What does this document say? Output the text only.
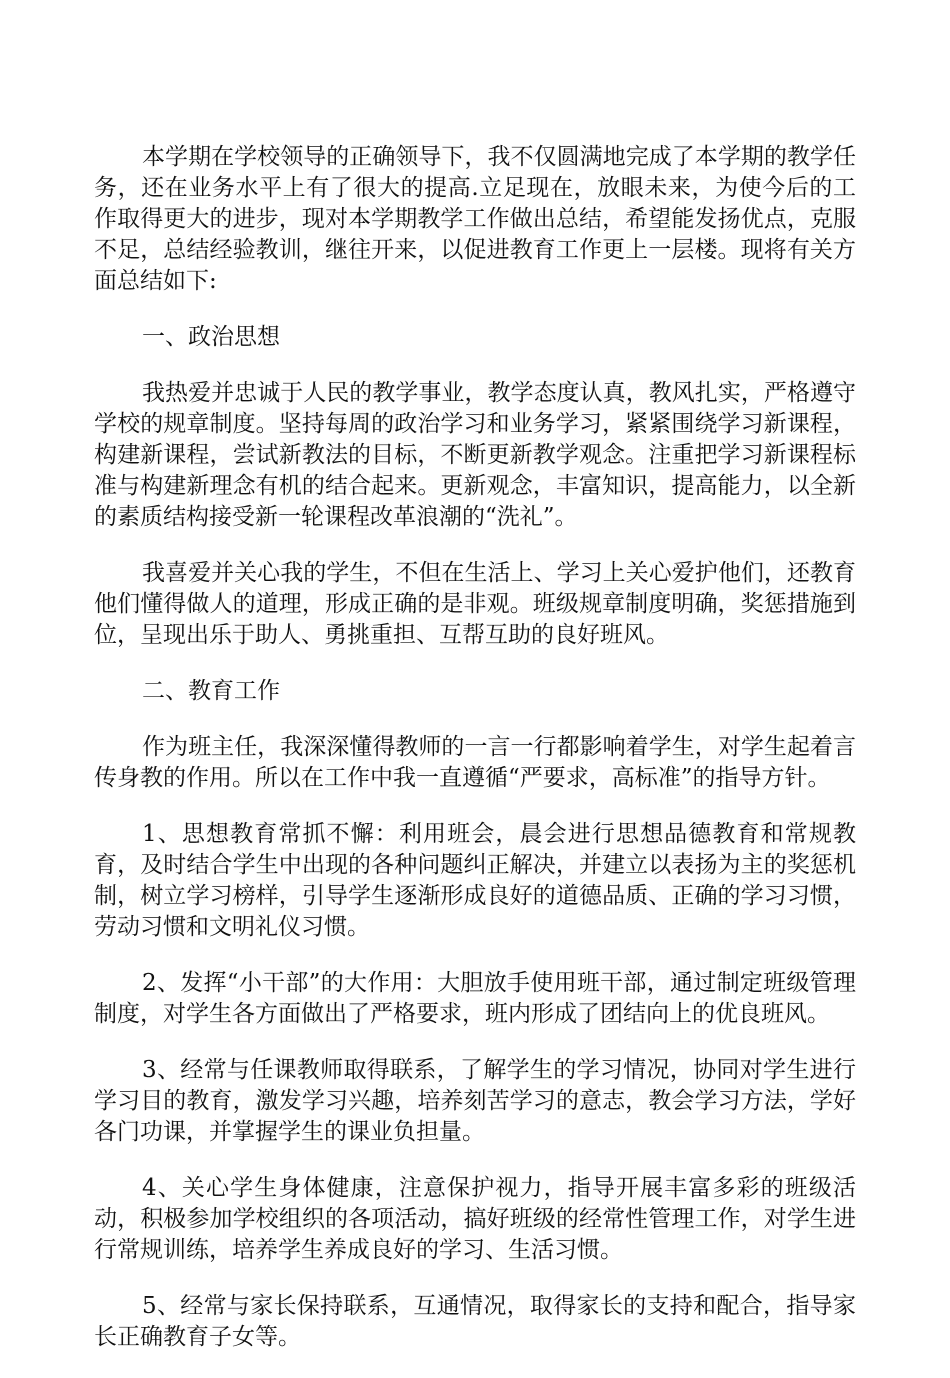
本学期在学校领导的正确领导下，我不仅圆满地完成了本学期的教学任务，还在业务水平上有了很大的提高.立足现在，放眼未来，为使今后的工作取得更大的进步，现对本学期教学工作做出总结，希望能发扬优点，克服不足，总结经验教训，继往开来，以促进教育工作更上一层楼。现将有关方面总结如下:

一、政治思想

我热爱并忠诚于人民的教学事业，教学态度认真，教风扎实，严格遵守学校的规章制度。坚持每周的政治学习和业务学习，紧紧围绕学习新课程，构建新课程，尝试新教法的目标，不断更新教学观念。注重把学习新课程标准与构建新理念有机的结合起来。更新观念，丰富知识，提高能力，以全新的素质结构接受新一轮课程改革浪潮的“洗礼”。

我喜爱并关心我的学生，不但在生活上、学习上关心爱护他们，还教育他们懂得做人的道理，形成正确的是非观。班级规章制度明确，奖惩措施到位，呈现出乐于助人、勇挑重担、互帮互助的良好班风。

二、教育工作

作为班主任，我深深懂得教师的一言一行都影响着学生，对学生起着言传身教的作用。所以在工作中我一直遵循“严要求，高标准”的指导方针。

1、思想教育常抓不懈：利用班会，晨会进行思想品德教育和常规教育，及时结合学生中出现的各种问题纠正解决，并建立以表扬为主的奖惩机制，树立学习榜样，引导学生逐渐形成良好的道德品质、正确的学习习惯，劳动习惯和文明礼仪习惯。

2、发挥“小干部”的大作用：大胆放手使用班干部，通过制定班级管理制度，对学生各方面做出了严格要求，班内形成了团结向上的优良班风。

3、经常与任课教师取得联系，了解学生的学习情况，协同对学生进行学习目的教育，激发学习兴趣，培养刻苦学习的意志，教会学习方法，学好各门功课，并掌握学生的课业负担量。

4、关心学生身体健康，注意保护视力，指导开展丰富多彩的班级活动，积极参加学校组织的各项活动，搞好班级的经常性管理工作，对学生进行常规训练，培养学生养成良好的学习、生活习惯。

5、经常与家长保持联系，互通情况，取得家长的支持和配合，指导家长正确教育子女等。
